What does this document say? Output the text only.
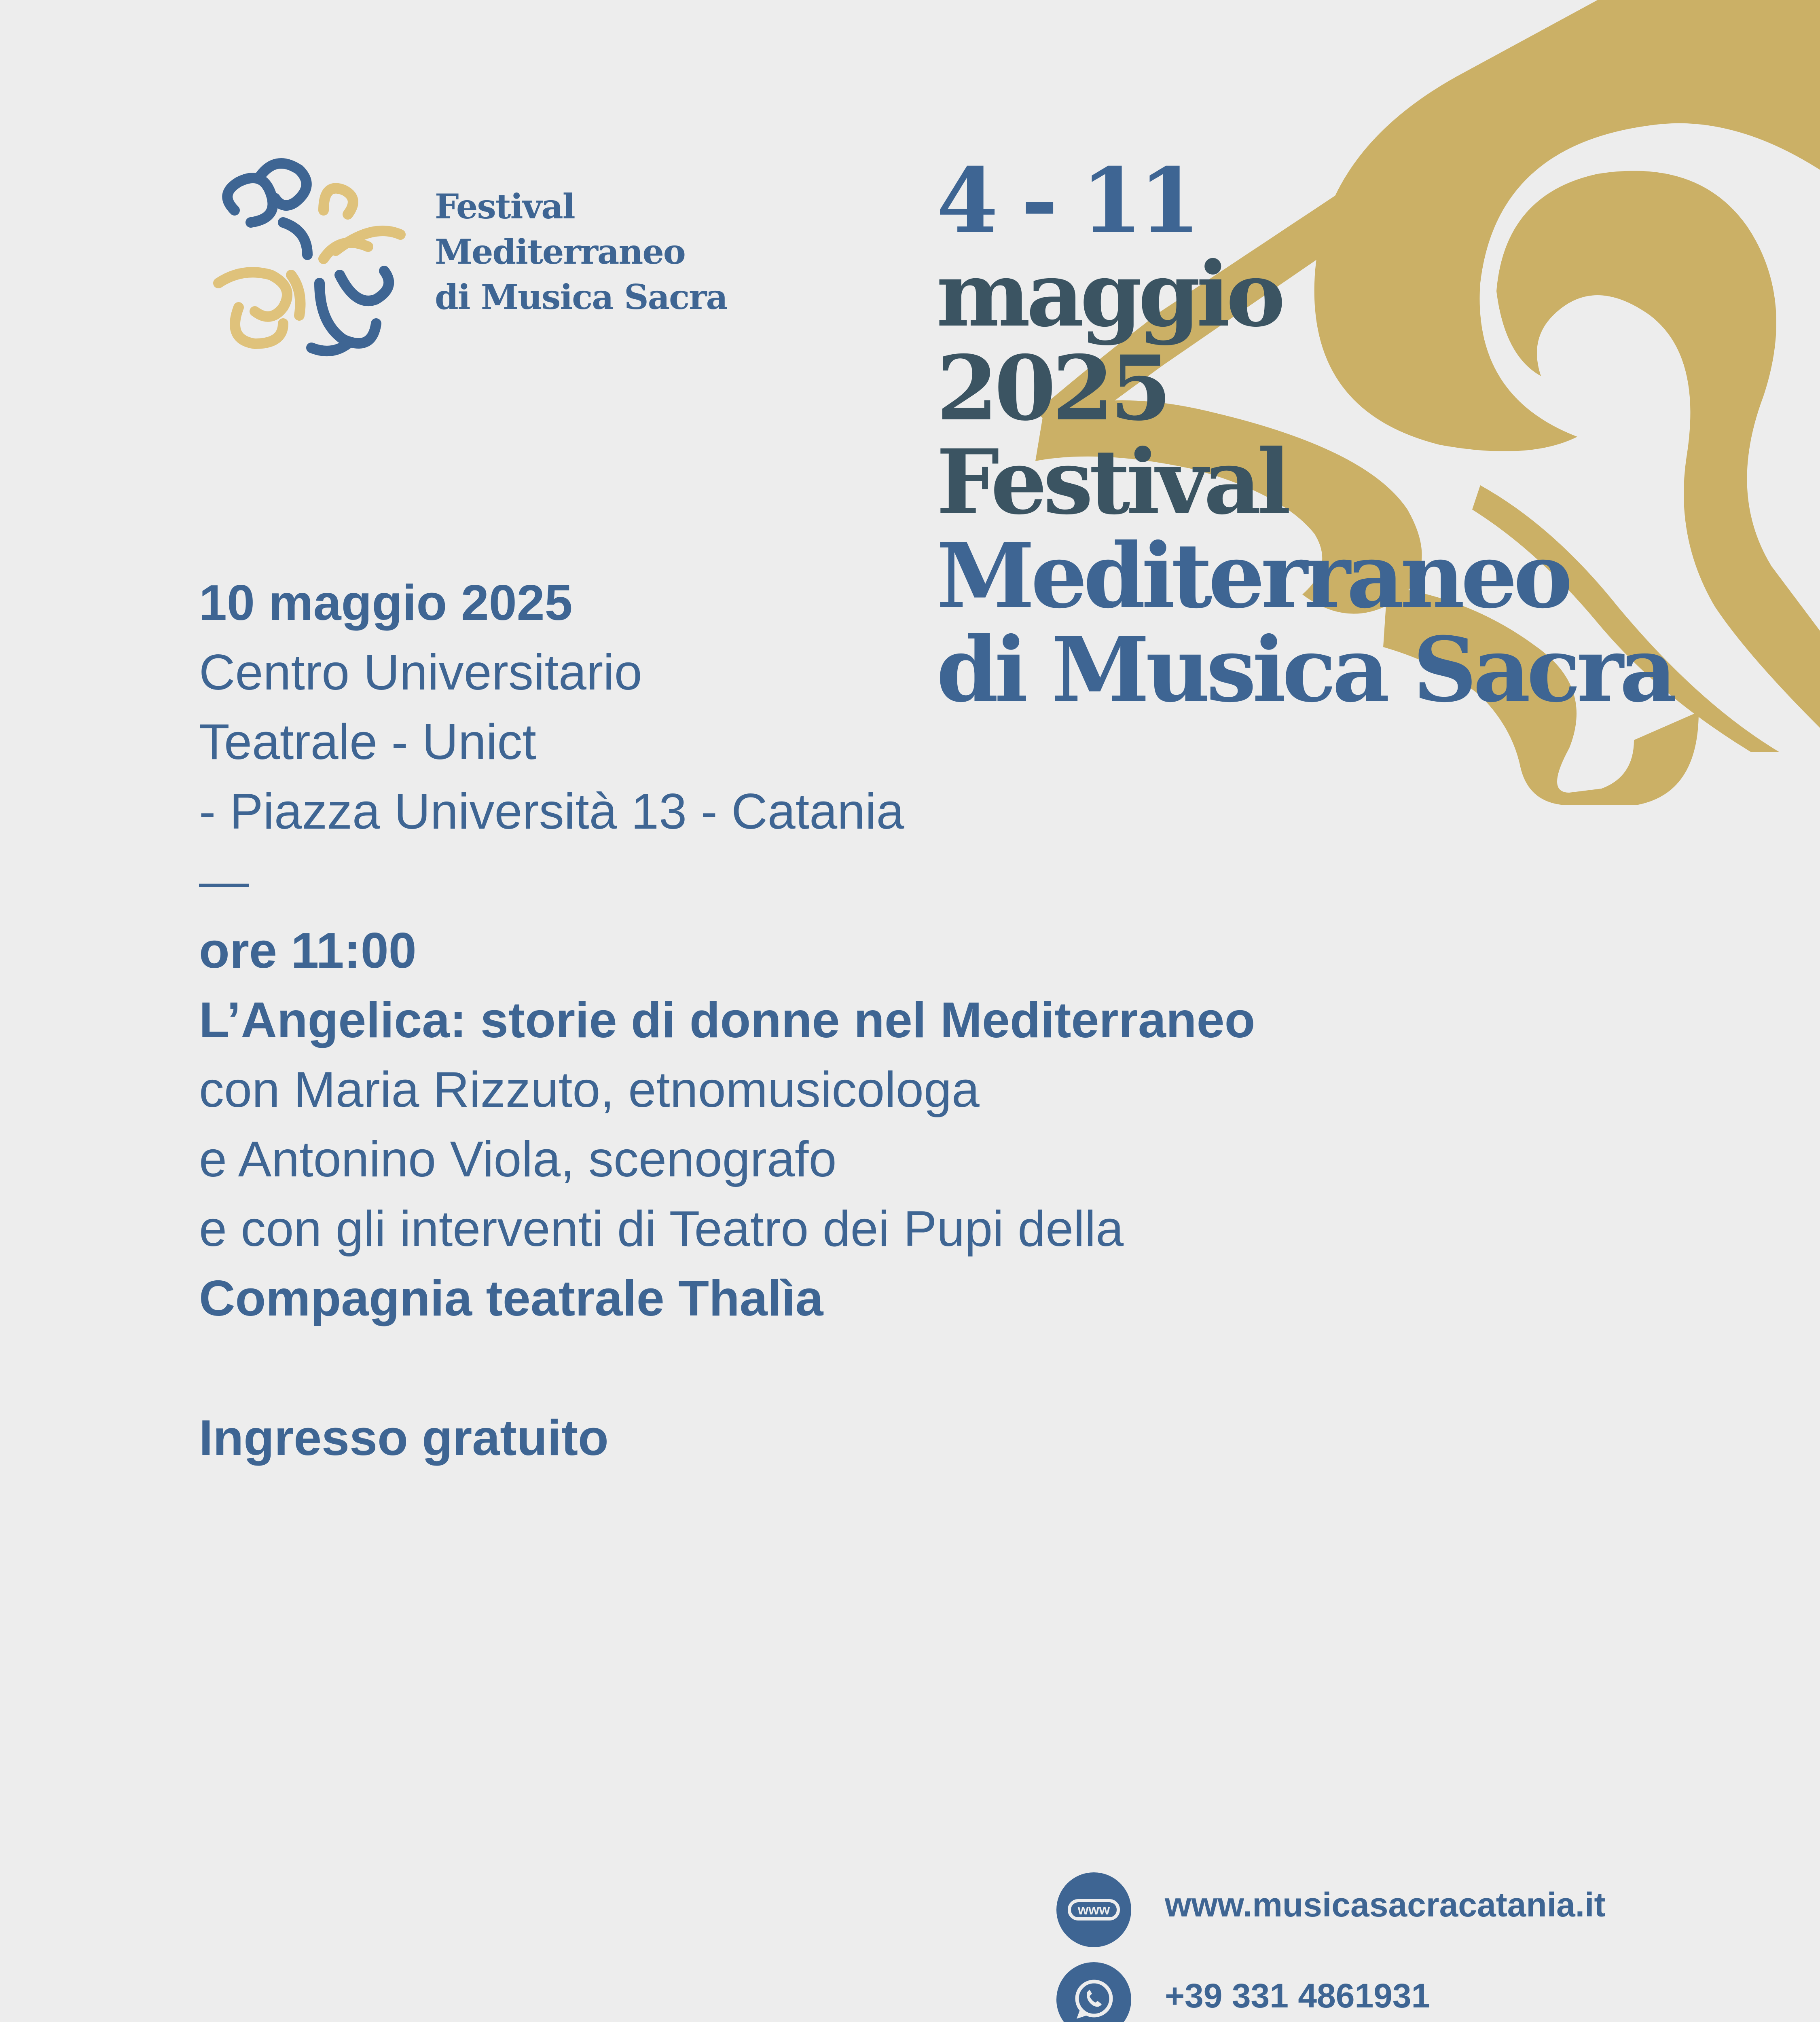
Festival
Mediterraneo
di Musica Sacra
4 - 11
maggio
2025
Festival
Mediterraneo
di Musica Sacra
10 maggio 2025
Centro Universitario
Teatrale - Unict
- Piazza Università 13 - Catania
—
ore 11:00
L’Angelica: storie di donne nel Mediterraneo
con Maria Rizzuto, etnomusicologa
e Antonino Viola, scenografo
e con gli interventi di Teatro dei Pupi della
Compagnia teatrale Thalìa
Ingresso gratuito
www www.musicasacracatania.it
+39 331 4861931
